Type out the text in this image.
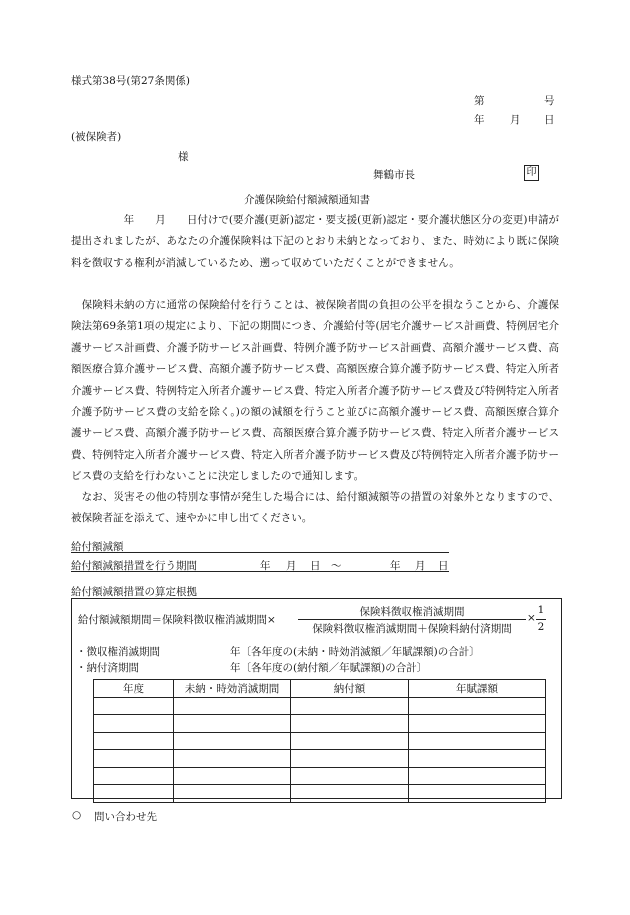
様式第38号(第27条関係)
第	号
年 月 日
(被保険者)
様
舞鶴市長	印
介護保険給付額減額通知書
　　　　　年　　月　　日付けで(要介護(更新)認定・要支援(更新)認定・要介護状態区分の変更)申請が提出されましたが、あなたの介護保険料は下記のとおり未納となっており、また、時効により既に保険料を徴収する権利が消滅しているため、遡って収めていただくことができません。
　保険料未納の方に通常の保険給付を行うことは、被保険者間の負担の公平を損なうことから、介護保険法第69条第1項の規定により、下記の期間につき、介護給付等(居宅介護サービス計画費、特例居宅介護サービス計画費、介護予防サービス計画費、特例介護予防サービス計画費、高額介護サービス費、高額医療合算介護サービス費、高額介護予防サービス費、高額医療合算介護予防サービス費、特定入所者介護サービス費、特例特定入所者介護サービス費、特定入所者介護予防サービス費及び特例特定入所者介護予防サービス費の支給を除く。)の額の減額を行うこと並びに高額介護サービス費、高額医療合算介護サービス費、高額介護予防サービス費、高額医療合算介護予防サービス費、特定入所者介護サービス費、特例特定入所者介護サービス費、特定入所者介護予防サービス費及び特例特定入所者介護予防サービス費の支給を行わないことに決定しましたので通知します。
　なお、災害その他の特別な事情が発生した場合には、給付額減額等の措置の対象外となりますので、被保険者証を添えて、速やかに申し出てください。
給付額減額
給付額減額措置を行う期間	年 月 日 〜	年 月 日
給付額減額措置の算定根拠
給付額減額期間＝保険料徴収権消滅期間×
保険料徴収権消滅期間
保険料徴収権消滅期間＋保険料納付済期間
×
1
2
・徴収権消滅期間	年〔各年度の(未納・時効消滅額／年賦課額)の合計〕
・納付済期間	年〔各年度の(納付額／年賦課額)の合計〕
年度	未納・時効消滅期間	納付額	年賦課額

○ 問い合わせ先
